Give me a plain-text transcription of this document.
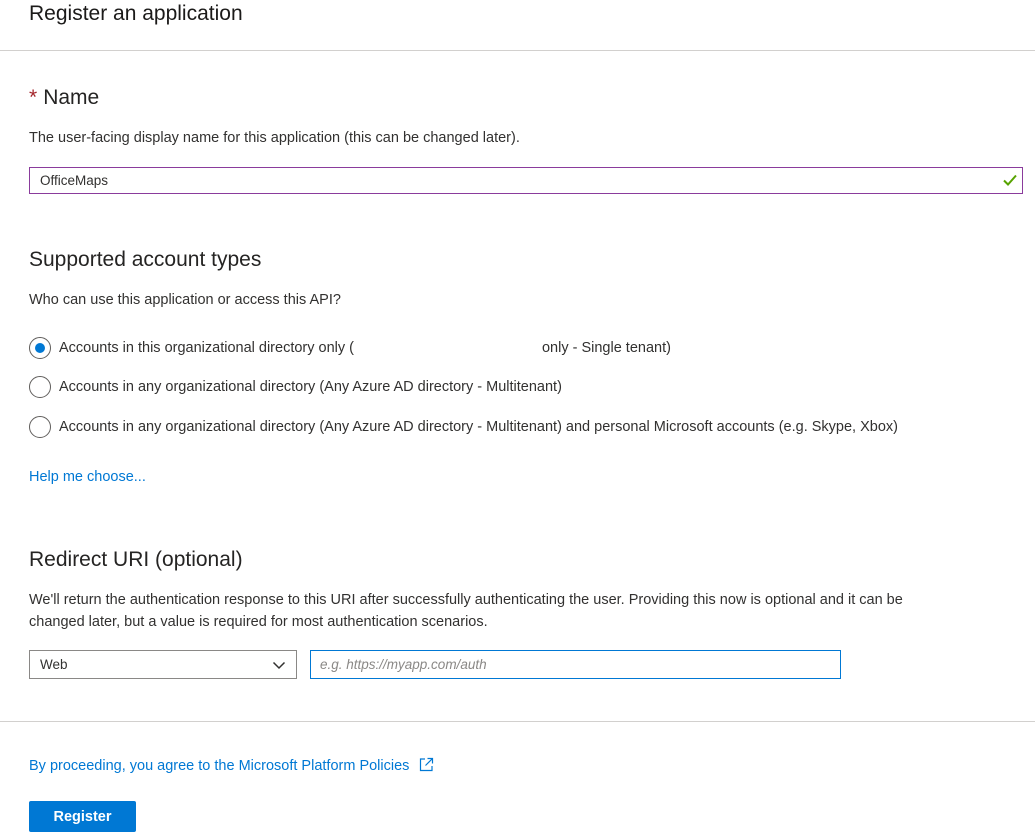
Register an application
* Name
The user-facing display name for this application (this can be changed later).
OfficeMaps
Supported account types
Who can use this application or access this API?
Accounts in this organizational directory only (	only - Single tenant)
Accounts in any organizational directory (Any Azure AD directory - Multitenant)
Accounts in any organizational directory (Any Azure AD directory - Multitenant) and personal Microsoft accounts (e.g. Skype, Xbox)
Help me choose...
Redirect URI (optional)
We'll return the authentication response to this URI after successfully authenticating the user. Providing this now is optional and it can be
changed later, but a value is required for most authentication scenarios.
Web
e.g. https://myapp.com/auth
By proceeding, you agree to the Microsoft Platform Policies
Register
